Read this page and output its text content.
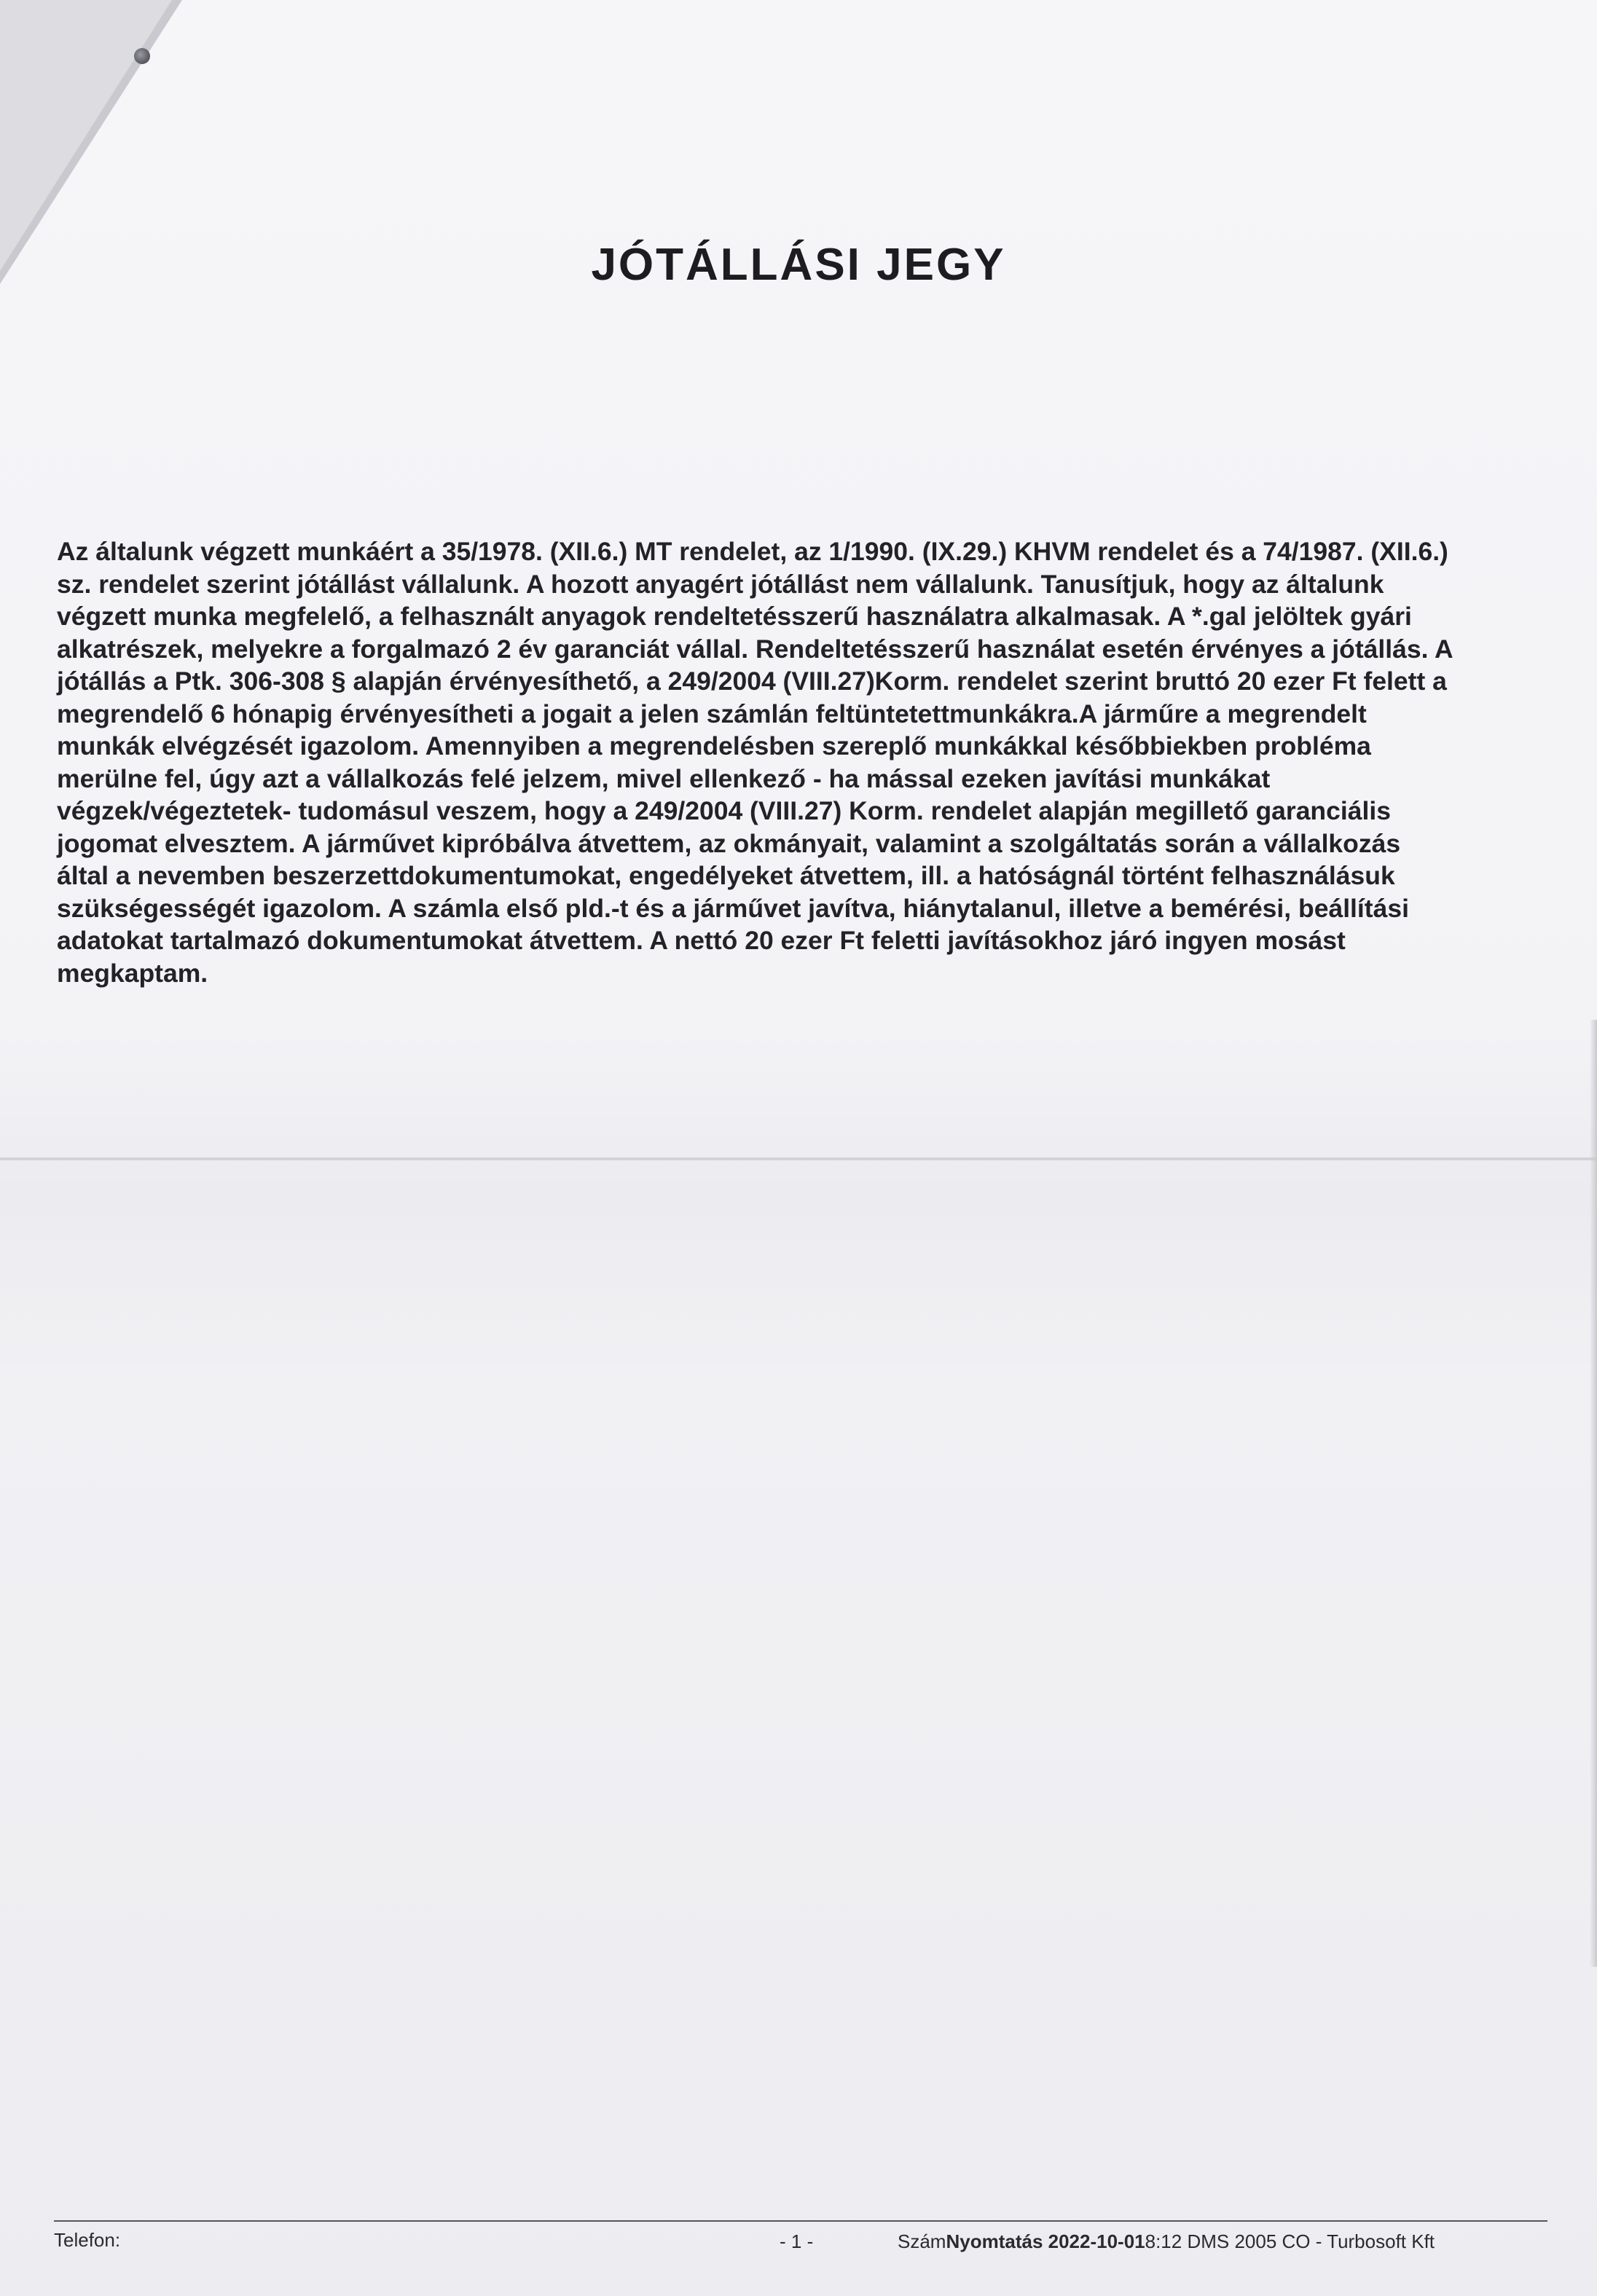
JÓTÁLLÁSI JEGY

Az általunk végzett munkáért a 35/1978. (XII.6.) MT rendelet, az 1/1990. (IX.29.) KHVM rendelet és a 74/1987. (XII.6.)

sz. rendelet szerint jótállást vállalunk. A hozott anyagért jótállást nem vállalunk. Tanusítjuk, hogy az általunk

végzett munka megfelelő, a felhasznált anyagok rendeltetésszerű használatra alkalmasak. A *.gal jelöltek gyári

alkatrészek, melyekre a forgalmazó 2 év garanciát vállal. Rendeltetésszerű használat esetén érvényes a jótállás. A

jótállás a Ptk. 306-308 § alapján érvényesíthető, a 249/2004 (VIII.27)Korm. rendelet szerint bruttó 20 ezer Ft felett a

megrendelő 6 hónapig érvényesítheti a jogait a jelen számlán feltüntetettmunkákra.A járműre a megrendelt

munkák elvégzését igazolom. Amennyiben a megrendelésben szereplő munkákkal későbbiekben probléma

merülne fel, úgy azt a vállalkozás felé jelzem, mivel ellenkező - ha mással ezeken javítási munkákat

végzek/végeztetek- tudomásul veszem, hogy a 249/2004 (VIII.27) Korm. rendelet alapján megillető garanciális

jogomat elvesztem. A járművet kipróbálva átvettem, az okmányait, valamint a szolgáltatás során a vállalkozás

által a nevemben beszerzettdokumentumokat, engedélyeket átvettem, ill. a hatóságnál történt felhasználásuk

szükségességét igazolom. A számla első pld.-t és a járművet javítva, hiánytalanul, illetve a bemérési, beállítási

adatokat tartalmazó dokumentumokat átvettem. A nettó 20 ezer Ft feletti javításokhoz járó ingyen mosást

megkaptam.

Telefon:	- 1 -	SzámNyomtatás 2022-10-018:12 DMS 2005 CO - Turbosoft Kft
